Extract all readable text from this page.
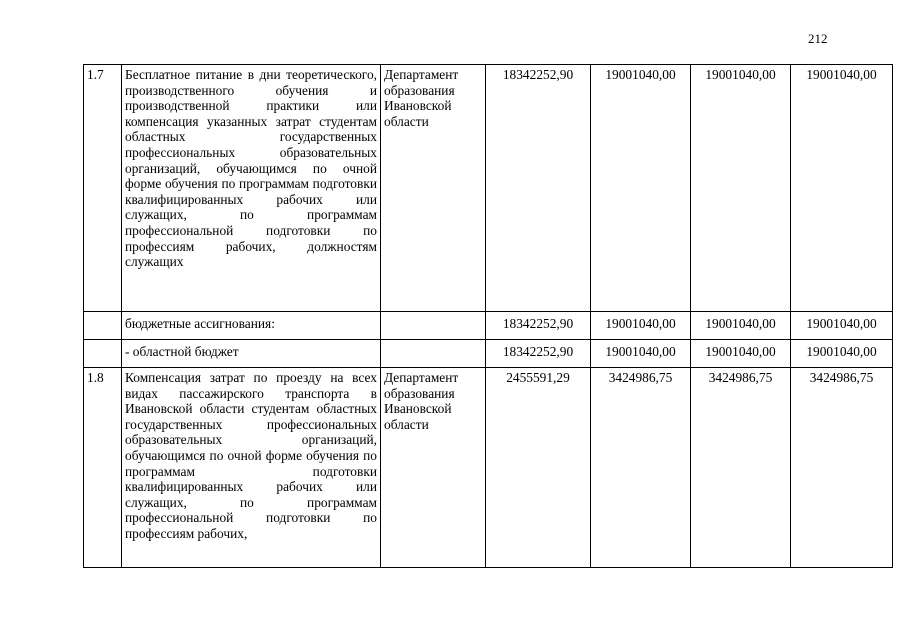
212
1.7	Бесплатное питание в дни теоретического, производственного обучения и производственной практики или компенсация указанных затрат студентам областных государственных профессиональных образовательных организаций, обучающимся по очной форме обучения по программам подготовки квалифицированных рабочих или служащих, по программам профессиональной подготовки по профессиям рабочих, должностям служащих	Департамент образования Ивановской области	18342252,90	19001040,00	19001040,00	19001040,00
	бюджетные ассигнования:		18342252,90	19001040,00	19001040,00	19001040,00
	- областной бюджет		18342252,90	19001040,00	19001040,00	19001040,00
1.8	Компенсация затрат по проезду на всех видах пассажирского транспорта в Ивановской области студентам областных государственных профессиональных образовательных организаций, обучающимся по очной форме обучения по программам подготовки квалифицированных рабочих или служащих, по программам профессиональной подготовки по профессиям рабочих,	Департамент образования Ивановской области	2455591,29	3424986,75	3424986,75	3424986,75
